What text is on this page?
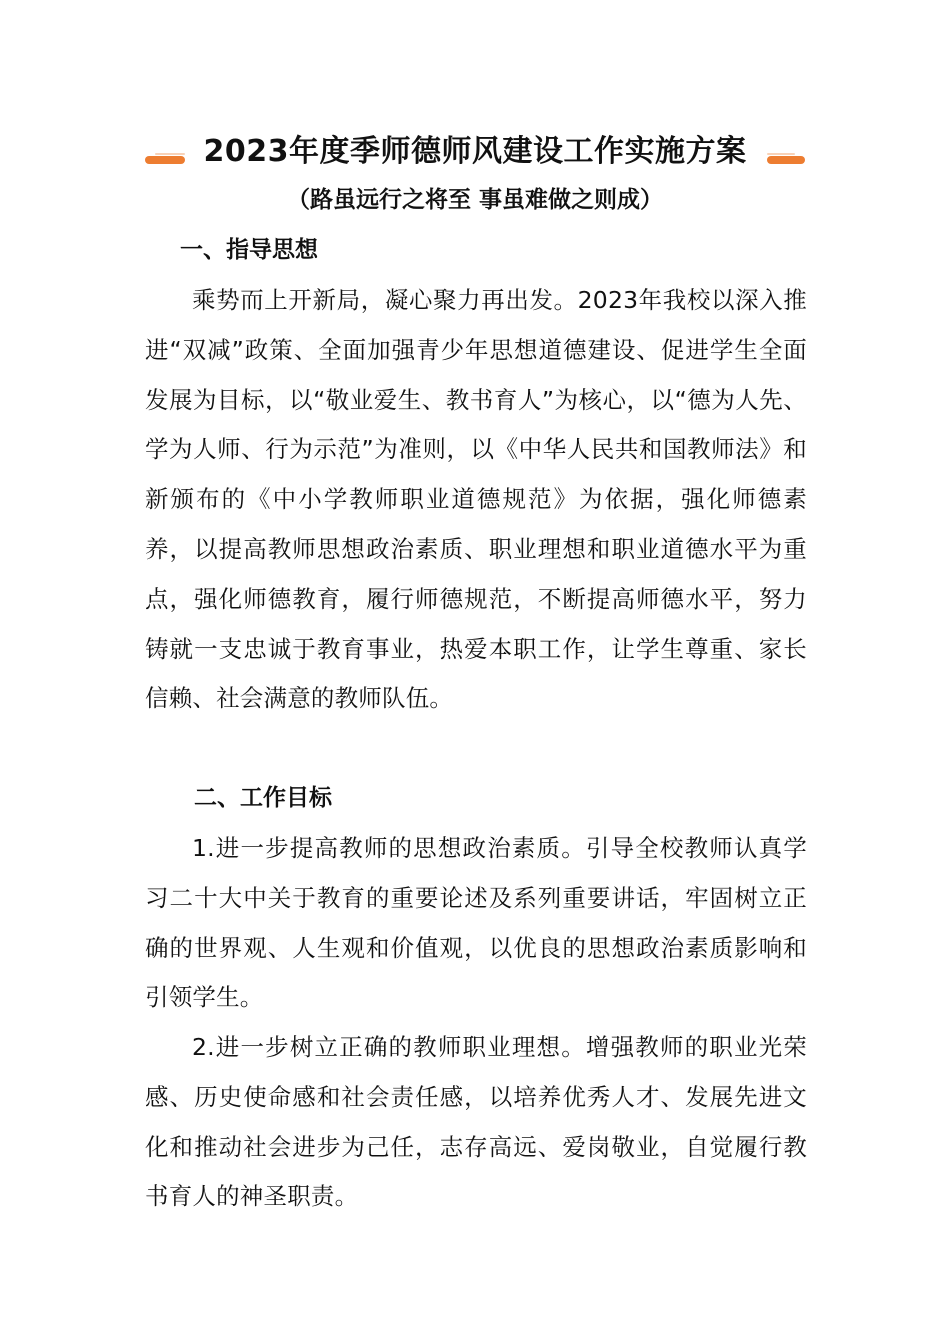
2023年度季师德师风建设工作实施方案
（路虽远行之将至 事虽难做之则成）
一、指导思想

乘势而上开新局，凝心聚力再出发。2023年我校以深入推进“双减”政策、全面加强青少年思想道德建设、促进学生全面发展为目标，以“敬业爱生、教书育人”为核心，以“德为人先、学为人师、行为示范”为准则，以《中华人民共和国教师法》和新颁布的《中小学教师职业道德规范》为依据，强化师德素养，以提高教师思想政治素质、职业理想和职业道德水平为重点，强化师德教育，履行师德规范，不断提高师德水平，努力铸就一支忠诚于教育事业，热爱本职工作，让学生尊重、家长信赖、社会满意的教师队伍。

二、工作目标

1.进一步提高教师的思想政治素质。引导全校教师认真学习二十大中关于教育的重要论述及系列重要讲话，牢固树立正确的世界观、人生观和价值观，以优良的思想政治素质影响和引领学生。

2.进一步树立正确的教师职业理想。增强教师的职业光荣感、历史使命感和社会责任感，以培养优秀人才、发展先进文化和推动社会进步为己任，志存高远、爱岗敬业，自觉履行教书育人的神圣职责。
